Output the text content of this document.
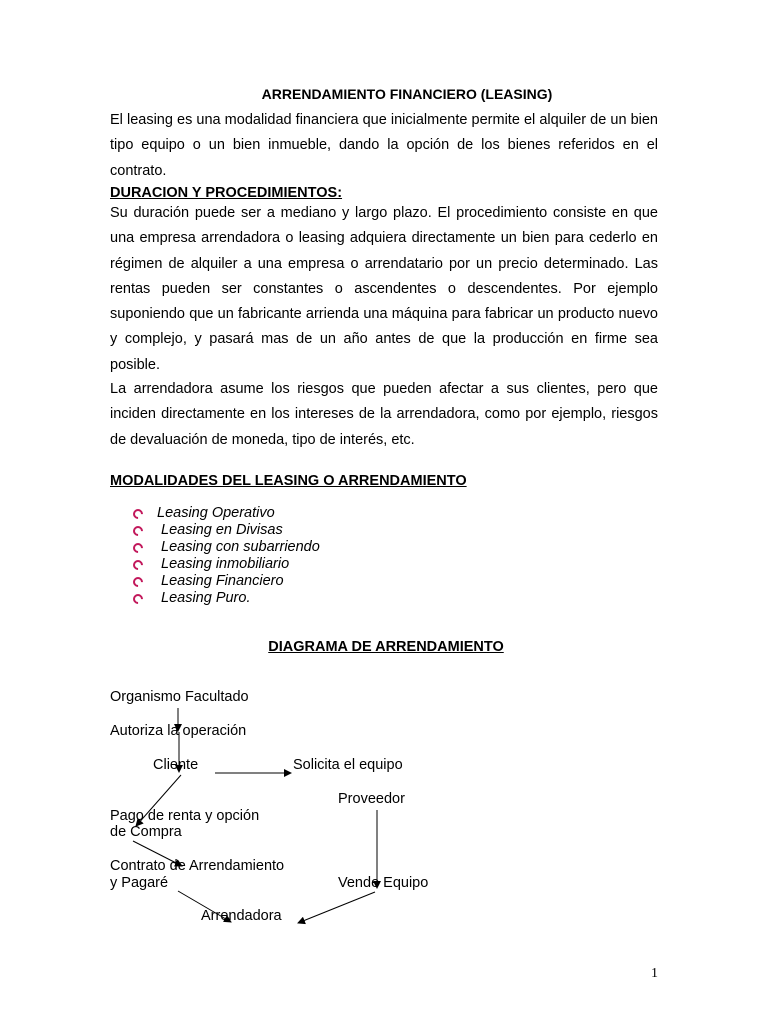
ARRENDAMIENTO FINANCIERO (LEASING)

El leasing es una modalidad financiera que inicialmente permite el alquiler de un bien tipo equipo o un bien inmueble, dando la opción de los bienes referidos en el contrato.

DURACION Y PROCEDIMIENTOS:

Su duración puede ser a mediano y largo plazo. El procedimiento consiste en que una empresa arrendadora o leasing adquiera directamente un bien para cederlo en régimen de alquiler a una empresa o arrendatario por un precio determinado. Las rentas pueden ser constantes o ascendentes o descendentes. Por ejemplo suponiendo que un fabricante arrienda una máquina para fabricar un producto nuevo y complejo, y pasará mas de un año antes de que la producción en firme sea posible.

La arrendadora asume los riesgos que pueden afectar a sus clientes, pero que inciden directamente en los intereses de la arrendadora, como por ejemplo, riesgos de devaluación de moneda, tipo de interés, etc.

MODALIDADES DEL LEASING O ARRENDAMIENTO
Leasing Operativo
Leasing en Divisas
Leasing con subarriendo
Leasing inmobiliario
Leasing Financiero
Leasing Puro.
DIAGRAMA DE ARRENDAMIENTO

Organismo Facultado

Autoriza la operación

Cliente	Solicita el equipo

Proveedor

Pago de renta y opción

de Compra

Contrato de Arrendamiento

y Pagaré	Vende Equipo

Arrendadora

1
